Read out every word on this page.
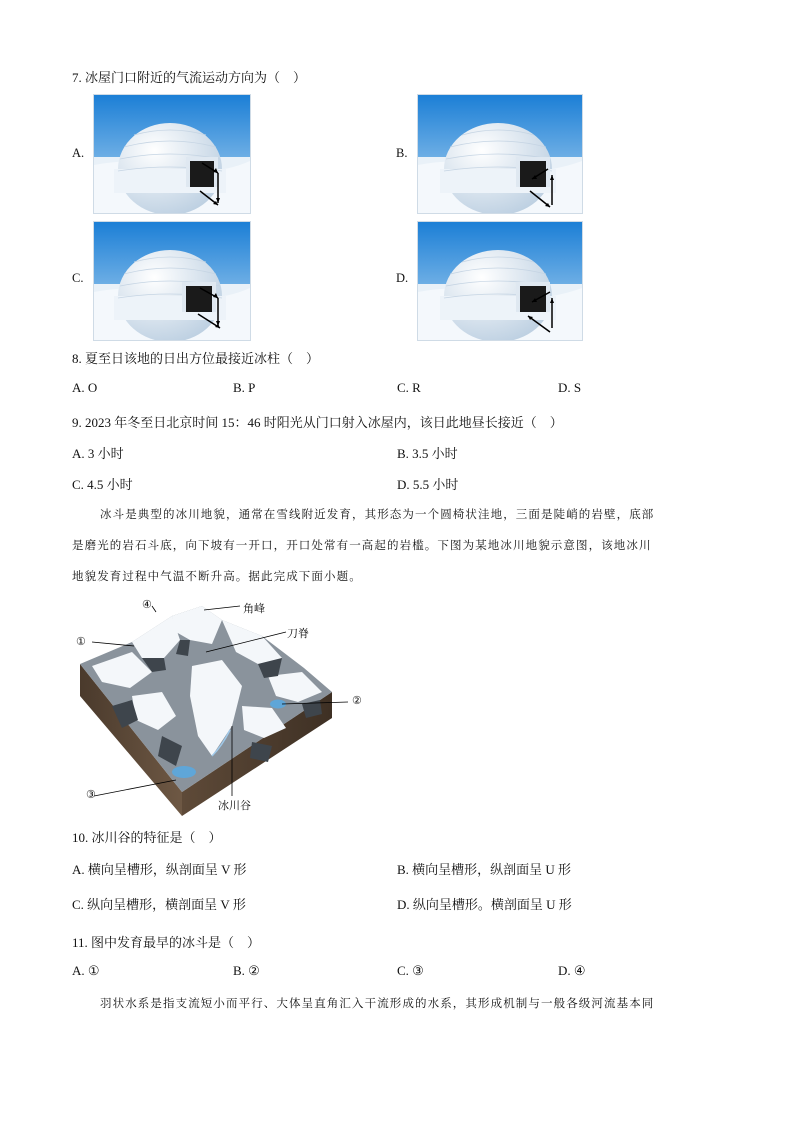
7. 冰屋门口附近的气流运动方向为（　）
A.	B.
C.	D.
8. 夏至日该地的日出方位最接近冰柱（　）
A. O	B. P	C. R	D. S
9. 2023 年冬至日北京时间 15：46 时阳光从门口射入冰屋内，该日此地昼长接近（　）
A. 3 小时	B. 3.5 小时
C. 4.5 小时	D. 5.5 小时
冰斗是典型的冰川地貌，通常在雪线附近发育，其形态为一个圆椅状洼地，三面是陡峭的岩壁，底部
是磨光的岩石斗底，向下坡有一开口，开口处常有一高起的岩槛。下图为某地冰川地貌示意图，该地冰川
地貌发育过程中气温不断升高。据此完成下面小题。
④	角峰
刀脊
①
②
③
冰川谷
10. 冰川谷的特征是（　）
A. 横向呈槽形，纵剖面呈 V 形	B. 横向呈槽形，纵剖面呈 U 形
C. 纵向呈槽形，横剖面呈 V 形	D. 纵向呈槽形。横剖面呈 U 形
11. 图中发育最早的冰斗是（　）
A. ①	B. ②	C. ③	D. ④
羽状水系是指支流短小而平行、大体呈直角汇入干流形成的水系，其形成机制与一般各级河流基本同
